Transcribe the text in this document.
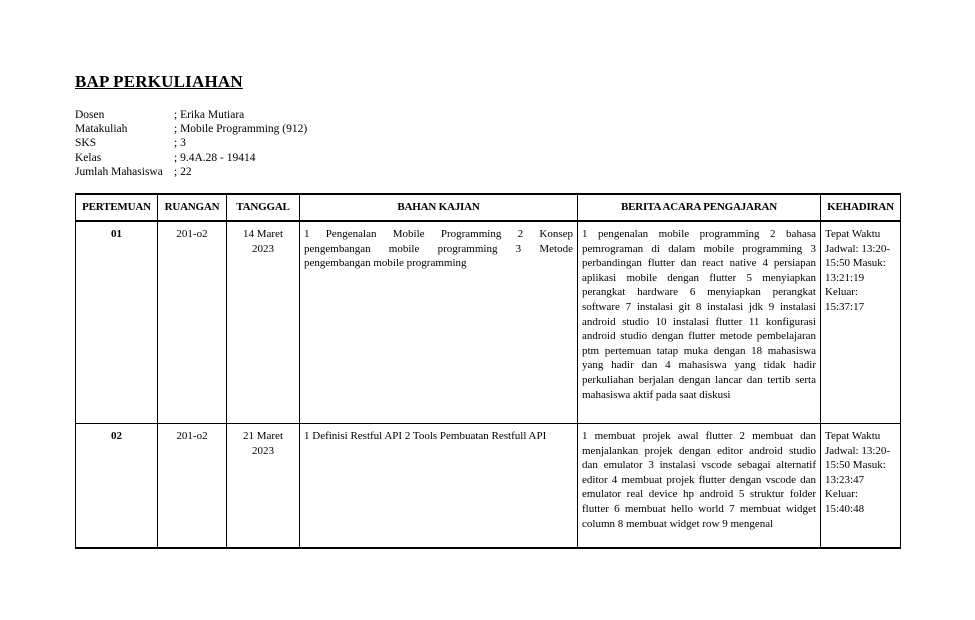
BAP PERKULIAHAN
Dosen	; Erika Mutiara
Matakuliah	; Mobile Programming (912)
SKS	; 3
Kelas	; 9.4A.28 - 19414
Jumlah Mahasiswa ; 22
PERTEMUAN	RUANGAN	TANGGAL	BAHAN KAJIAN	BERITA ACARA PENGAJARAN	KEHADIRAN
01	201-o2	14 Maret 2023	1 Pengenalan Mobile Programming 2 Konsep pengembangan mobile programming 3 Metode pengembangan mobile programming	1 pengenalan mobile programming 2 bahasa pemrograman di dalam mobile programming 3 perbandingan flutter dan react native 4 persiapan aplikasi mobile dengan flutter 5 menyiapkan perangkat hardware 6 menyiapkan perangkat software 7 instalasi git 8 instalasi jdk 9 instalasi android studio 10 instalasi flutter 11 konfigurasi android studio dengan flutter metode pembelajaran ptm pertemuan tatap muka dengan 18 mahasiswa yang hadir dan 4 mahasiswa yang tidak hadir perkuliahan berjalan dengan lancar dan tertib serta mahasiswa aktif pada saat diskusi	Tepat Waktu Jadwal: 13:20-15:50 Masuk: 13:21:19 Keluar: 15:37:17
02	201-o2	21 Maret 2023	1 Definisi Restful API 2 Tools Pembuatan Restfull API	1 membuat projek awal flutter 2 membuat dan menjalankan projek dengan editor android studio dan emulator 3 instalasi vscode sebagai alternatif editor 4 membuat projek flutter dengan vscode dan emulator real device hp android 5 struktur folder flutter 6 membuat hello world 7 membuat widget column 8 membuat widget row 9 mengenal	Tepat Waktu Jadwal: 13:20-15:50 Masuk: 13:23:47 Keluar: 15:40:48
